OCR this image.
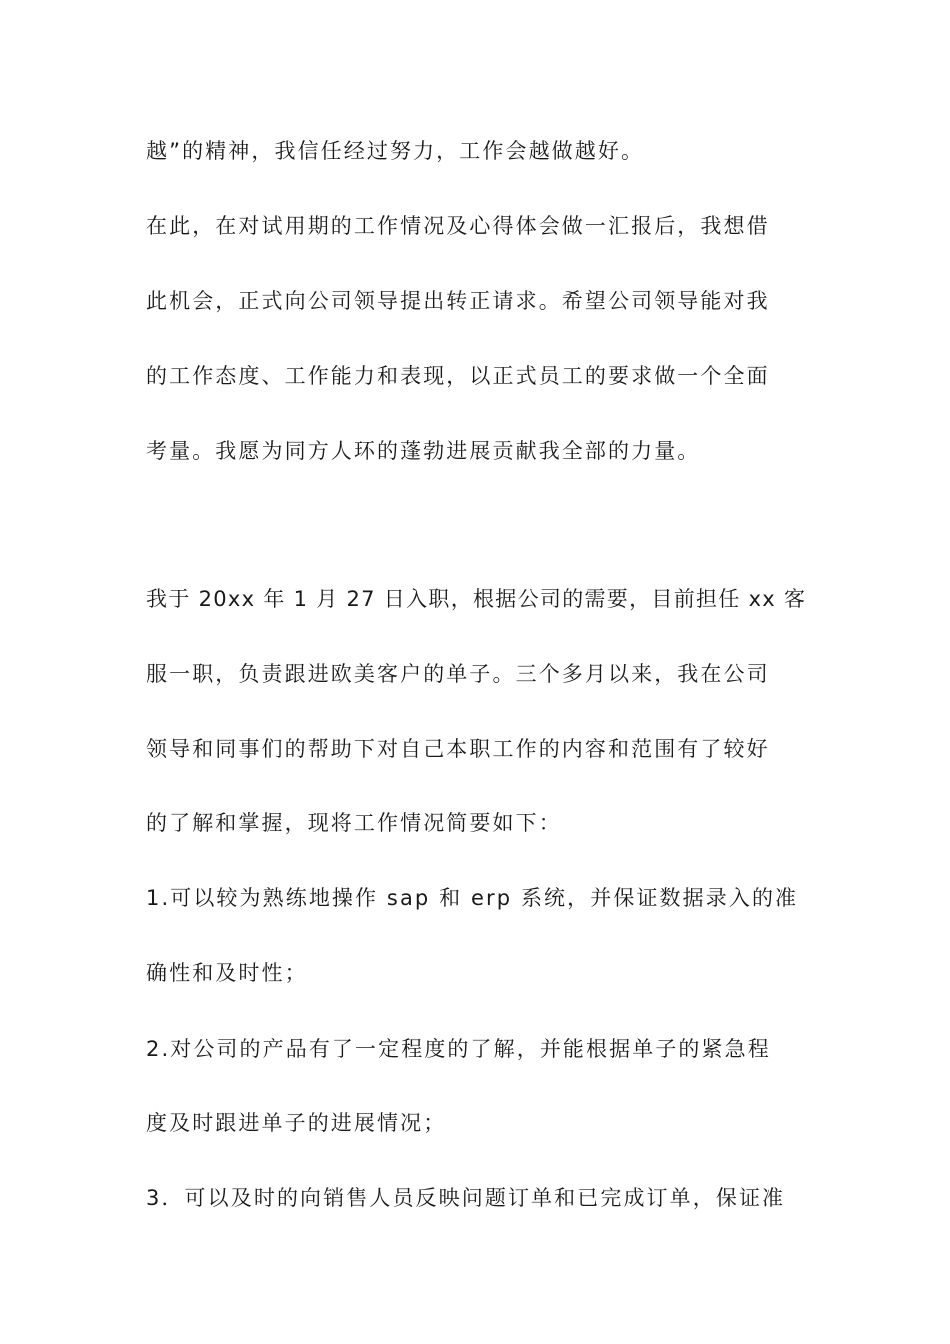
越”的精神，我信任经过努力，工作会越做越好。
在此，在对试用期的工作情况及心得体会做一汇报后，我想借
此机会，正式向公司领导提出转正请求。希望公司领导能对我
的工作态度、工作能力和表现，以正式员工的要求做一个全面
考量。我愿为同方人环的蓬勃进展贡献我全部的力量。
我于 20xx 年 1 月 27 日入职，根据公司的需要，目前担任 xx 客
服一职，负责跟进欧美客户的单子。三个多月以来，我在公司
领导和同事们的帮助下对自己本职工作的内容和范围有了较好
的了解和掌握，现将工作情况简要如下：
1.可以较为熟练地操作 sap 和 erp 系统，并保证数据录入的准
确性和及时性；
2.对公司的产品有了一定程度的了解，并能根据单子的紧急程
度及时跟进单子的进展情况；
3．可以及时的向销售人员反映问题订单和已完成订单，保证准
